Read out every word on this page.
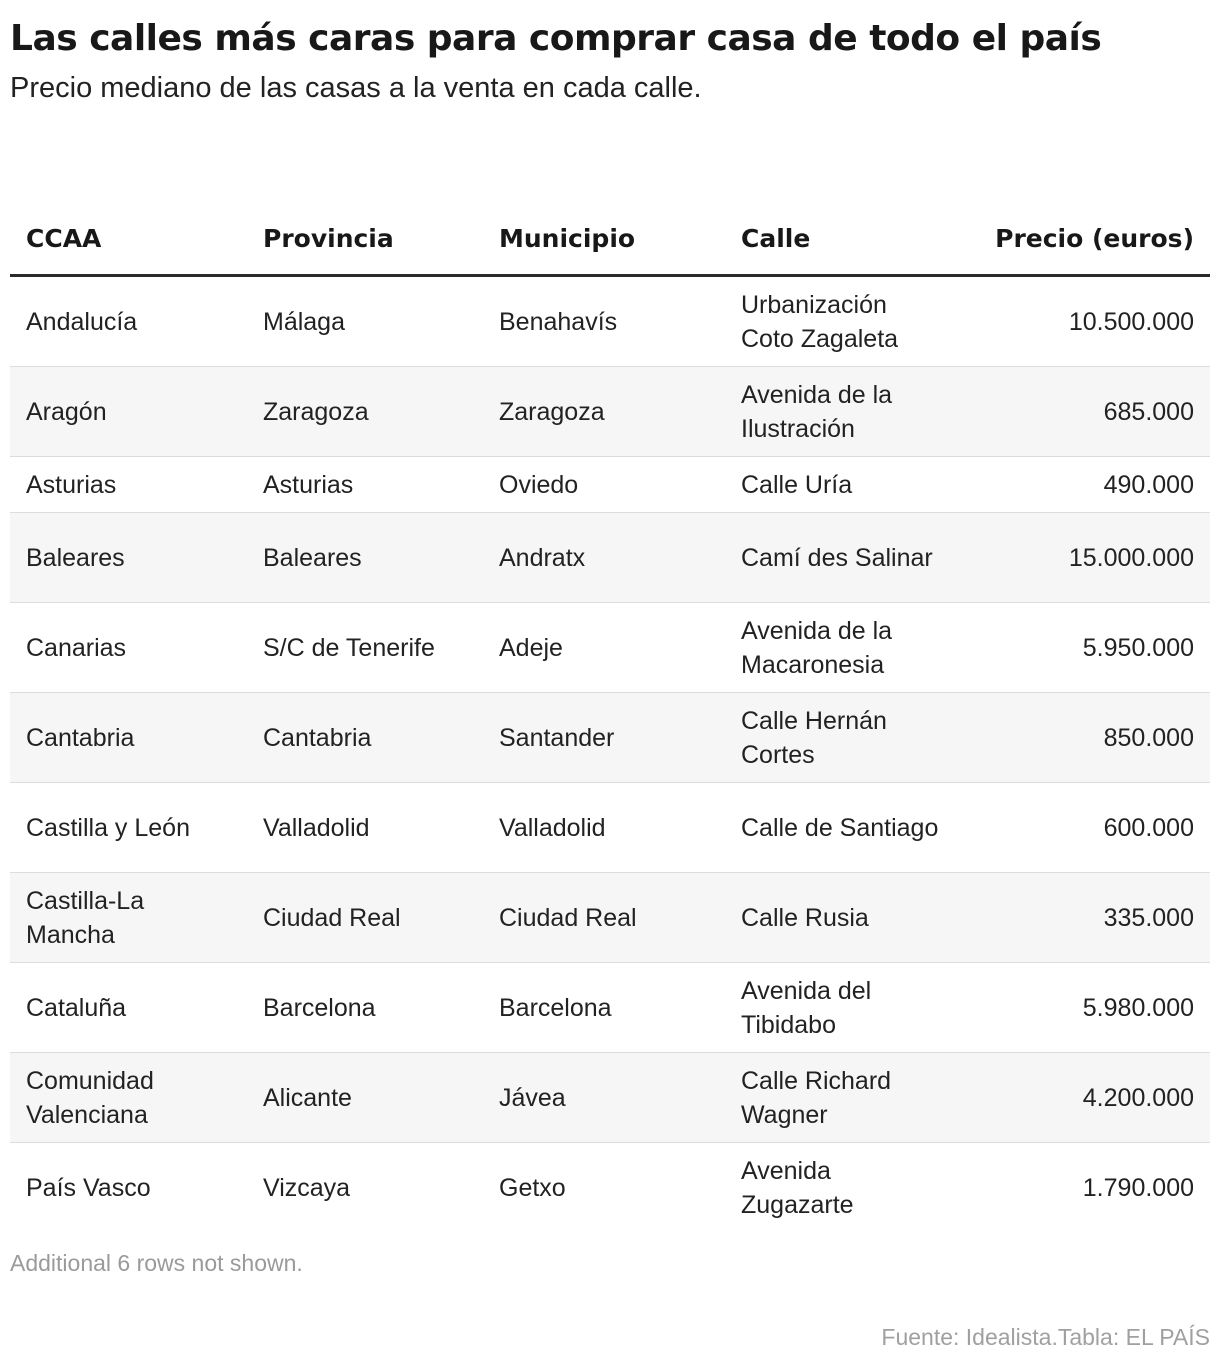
Las calles más caras para comprar casa de todo el país

Precio mediano de las casas a la venta en cada calle.

CCAA	Provincia	Municipio	Calle	Precio (euros)
Andalucía	Málaga	Benahavís	Urbanización Coto Zagaleta	10.500.000
Aragón	Zaragoza	Zaragoza	Avenida de la Ilustración	685.000
Asturias	Asturias	Oviedo	Calle Uría	490.000
Baleares	Baleares	Andratx	Camí des Salinar	15.000.000
Canarias	S/C de Tenerife	Adeje	Avenida de la Macaronesia	5.950.000
Cantabria	Cantabria	Santander	Calle Hernán Cortes	850.000
Castilla y León	Valladolid	Valladolid	Calle de Santiago	600.000
Castilla-La Mancha	Ciudad Real	Ciudad Real	Calle Rusia	335.000
Cataluña	Barcelona	Barcelona	Avenida del Tibidabo	5.980.000
Comunidad Valenciana	Alicante	Jávea	Calle Richard Wagner	4.200.000
País Vasco	Vizcaya	Getxo	Avenida Zugazarte	1.790.000
Additional 6 rows not shown.
Fuente: Idealista.Tabla: EL PAÍS
